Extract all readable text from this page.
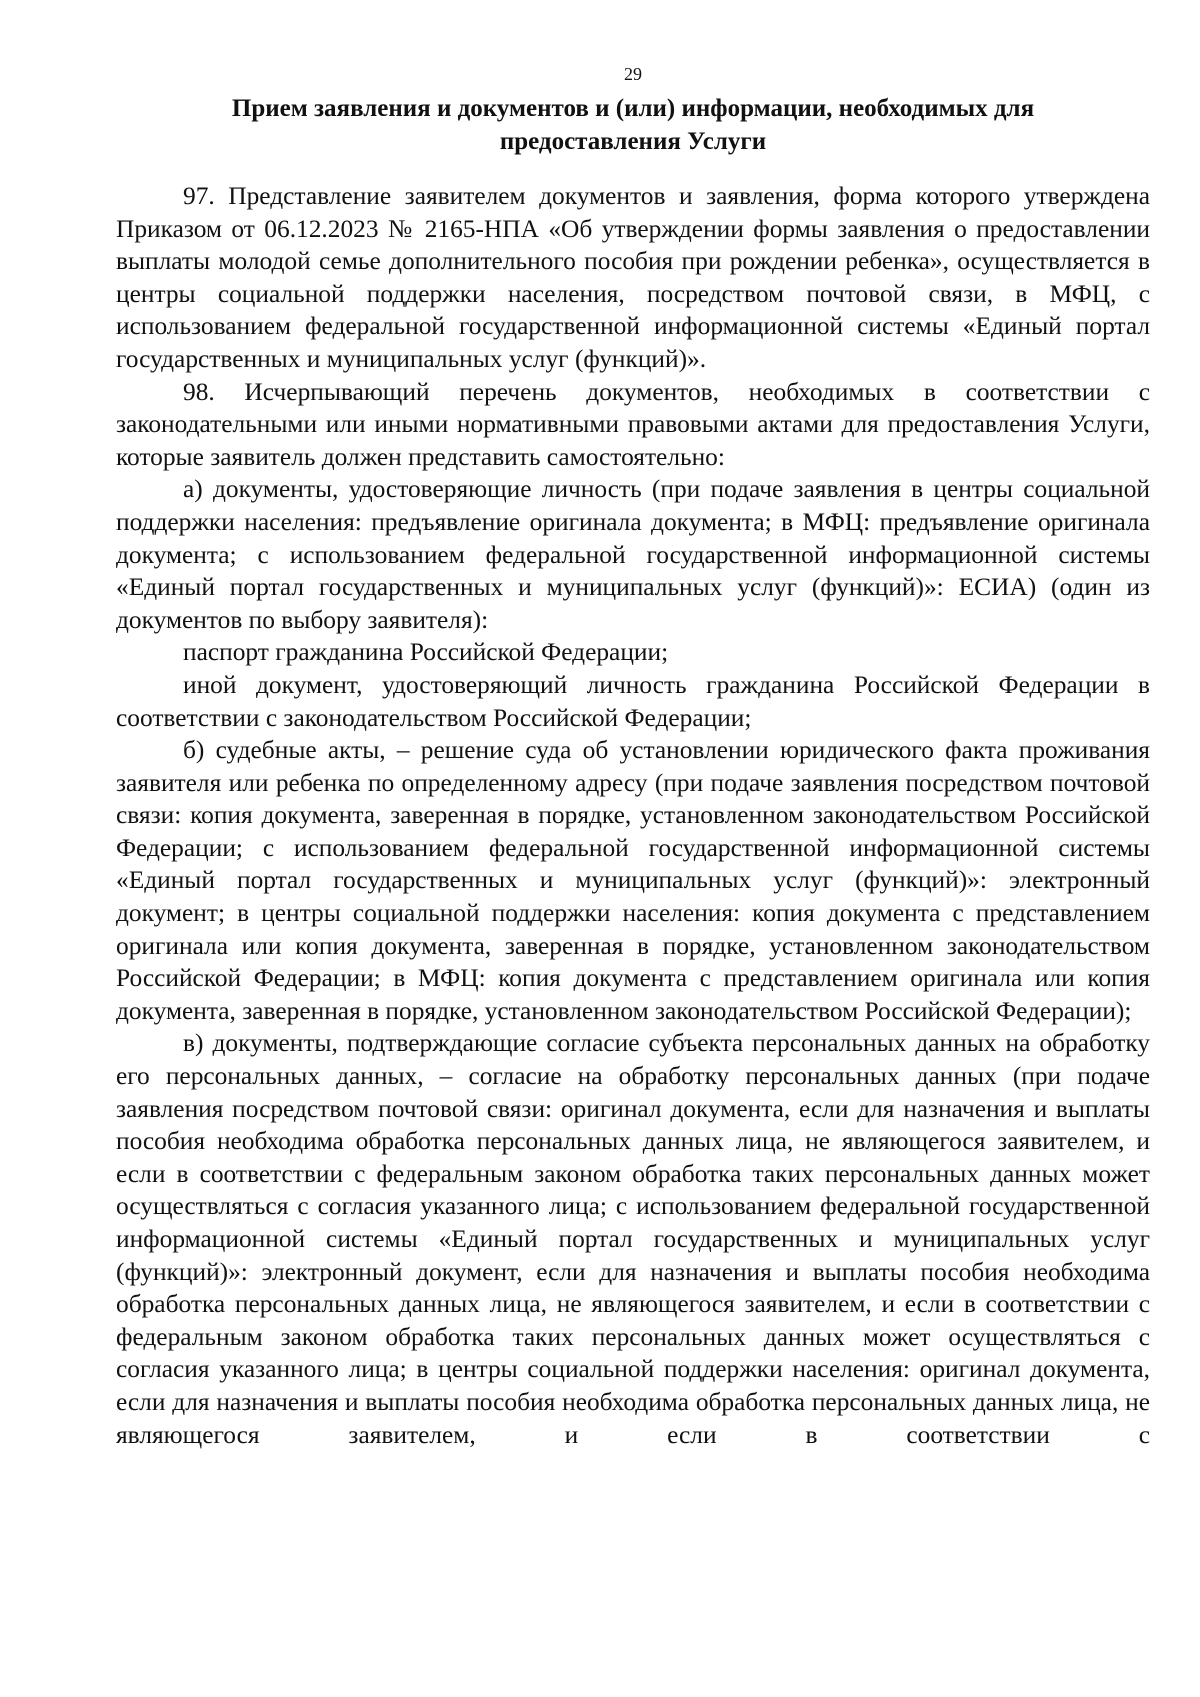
29
Прием заявления и документов и (или) информации, необходимых для
предоставления Услуги

97. Представление заявителем документов и заявления, форма которого утверждена Приказом от 06.12.2023 № 2165-НПА «Об утверждении формы заявления о предоставлении выплаты молодой семье дополнительного пособия при рождении ребенка», осуществляется в центры социальной поддержки населения, посредством почтовой связи, в МФЦ, с использованием федеральной государственной информационной системы «Единый портал государственных и муниципальных услуг (функций)».

98. Исчерпывающий перечень документов, необходимых в соответствии с законодательными или иными нормативными правовыми актами для предоставления Услуги, которые заявитель должен представить самостоятельно:

а) документы, удостоверяющие личность (при подаче заявления в центры социальной поддержки населения: предъявление оригинала документа; в МФЦ: предъявление оригинала документа; с использованием федеральной государственной информационной системы «Единый портал государственных и муниципальных услуг (функций)»: ЕСИА) (один из документов по выбору заявителя):

паспорт гражданина Российской Федерации;

иной документ, удостоверяющий личность гражданина Российской Федерации в соответствии с законодательством Российской Федерации;

б) судебные акты, – решение суда об установлении юридического факта проживания заявителя или ребенка по определенному адресу (при подаче заявления посредством почтовой связи: копия документа, заверенная в порядке, установленном законодательством Российской Федерации; с использованием федеральной государственной информационной системы «Единый портал государственных и муниципальных услуг (функций)»: электронный документ; в центры социальной поддержки населения: копия документа с представлением оригинала или копия документа, заверенная в порядке, установленном законодательством Российской Федерации; в МФЦ: копия документа с представлением оригинала или копия документа, заверенная в порядке, установленном законодательством Российской Федерации);

в) документы, подтверждающие согласие субъекта персональных данных на обработку его персональных данных, – согласие на обработку персональных данных (при подаче заявления посредством почтовой связи: оригинал документа, если для назначения и выплаты пособия необходима обработка персональных данных лица, не являющегося заявителем, и если в соответствии с федеральным законом обработка таких персональных данных может осуществляться с согласия указанного лица; с использованием федеральной государственной информационной системы «Единый портал государственных и муниципальных услуг (функций)»: электронный документ, если для назначения и выплаты пособия необходима обработка персональных данных лица, не являющегося заявителем, и если в соответствии с федеральным законом обработка таких персональных данных может осуществляться с согласия указанного лица; в центры социальной поддержки населения: оригинал документа, если для назначения и выплаты пособия необходима обработка персональных данных лица, не являющегося заявителем, и если в соответствии с
